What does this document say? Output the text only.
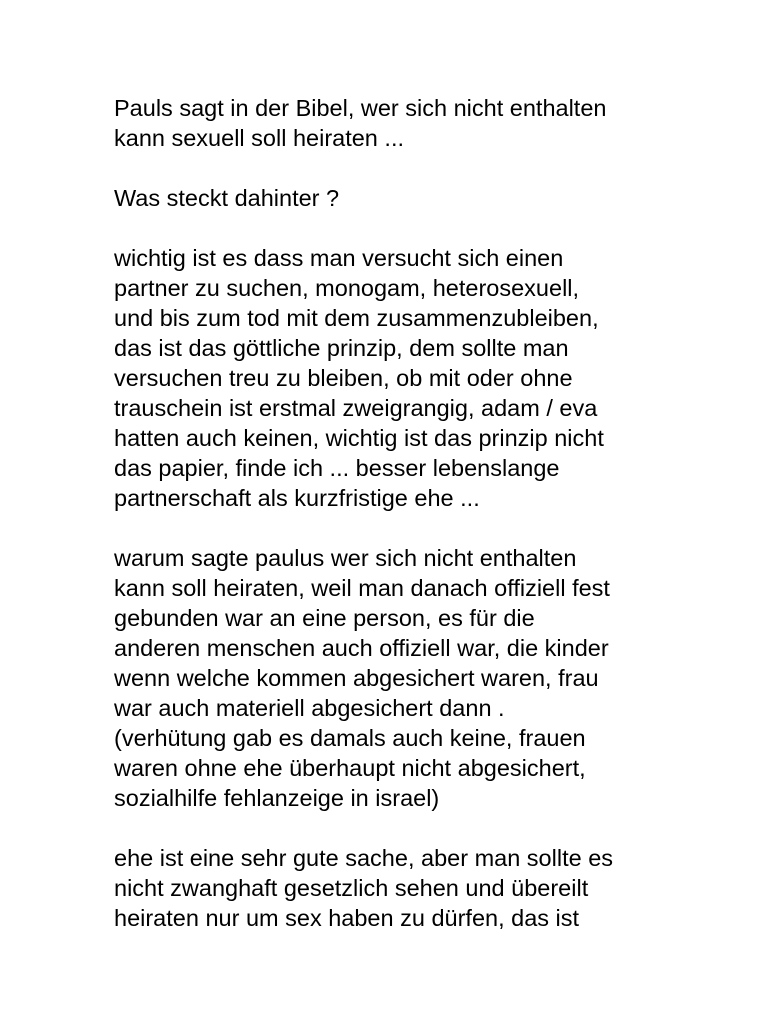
Pauls sagt in der Bibel, wer sich nicht enthalten
kann sexuell soll heiraten ...
Was steckt dahinter ?
wichtig ist es dass man versucht sich einen
partner zu suchen, monogam, heterosexuell,
und bis zum tod mit dem zusammenzubleiben,
das ist das göttliche prinzip, dem sollte man
versuchen treu zu bleiben, ob mit oder ohne
trauschein ist erstmal zweigrangig, adam / eva
hatten auch keinen, wichtig ist das prinzip nicht
das papier, finde ich ... besser lebenslange
partnerschaft als kurzfristige ehe ...
warum sagte paulus wer sich nicht enthalten
kann soll heiraten, weil man danach offiziell fest
gebunden war an eine person, es für die
anderen menschen auch offiziell war, die kinder
wenn welche kommen abgesichert waren, frau
war auch materiell abgesichert dann .
(verhütung gab es damals auch keine, frauen
waren ohne ehe überhaupt nicht abgesichert,
sozialhilfe fehlanzeige in israel)
ehe ist eine sehr gute sache, aber man sollte es
nicht zwanghaft gesetzlich sehen und übereilt
heiraten nur um sex haben zu dürfen, das ist
